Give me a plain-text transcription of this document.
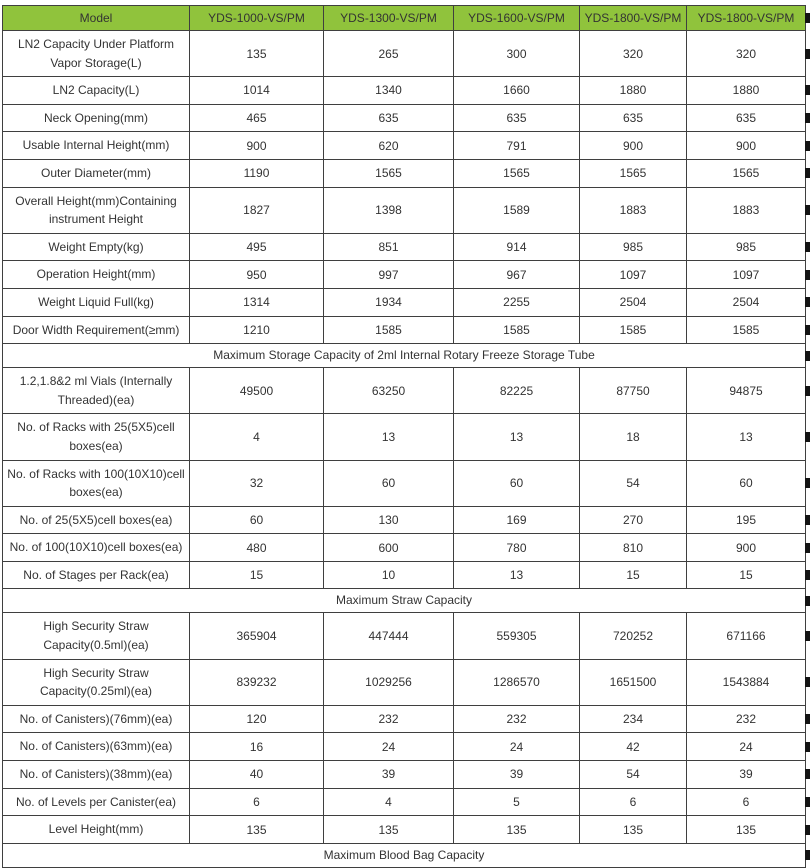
Model	YDS-1000-VS/PM	YDS-1300-VS/PM	YDS-1600-VS/PM	YDS-1800-VS/PM	YDS-1800-VS/PM
LN2 Capacity Under Platform Vapor Storage(L)	135	265	300	320	320
LN2 Capacity(L)	1014	1340	1660	1880	1880
Neck Opening(mm)	465	635	635	635	635
Usable Internal Height(mm)	900	620	791	900	900
Outer Diameter(mm)	1190	1565	1565	1565	1565
Overall Height(mm)Containing instrument Height	1827	1398	1589	1883	1883
Weight Empty(kg)	495	851	914	985	985
Operation Height(mm)	950	997	967	1097	1097
Weight Liquid Full(kg)	1314	1934	2255	2504	2504
Door Width Requirement(≥mm)	1210	1585	1585	1585	1585
Maximum Storage Capacity of 2ml Internal Rotary Freeze Storage Tube					
1.2,1.8&2 ml Vials (Internally Threaded)(ea)	49500	63250	82225	87750	94875
No. of Racks with 25(5X5)cell boxes(ea)	4	13	13	18	13
No. of Racks with 100(10X10)cell boxes(ea)	32	60	60	54	60
No. of 25(5X5)cell boxes(ea)	60	130	169	270	195
No. of 100(10X10)cell boxes(ea)	480	600	780	810	900
No. of Stages per Rack(ea)	15	10	13	15	15
Maximum Straw Capacity					
High Security Straw Capacity(0.5ml)(ea)	365904	447444	559305	720252	671166
High Security Straw Capacity(0.25ml)(ea)	839232	1029256	1286570	1651500	1543884
No. of Canisters)(76mm)(ea)	120	232	232	234	232
No. of Canisters)(63mm)(ea)	16	24	24	42	24
No. of Canisters)(38mm)(ea)	40	39	39	54	39
No. of Levels per Canister(ea)	6	4	5	6	6
Level Height(mm)	135	135	135	135	135
Maximum Blood Bag Capacity					
